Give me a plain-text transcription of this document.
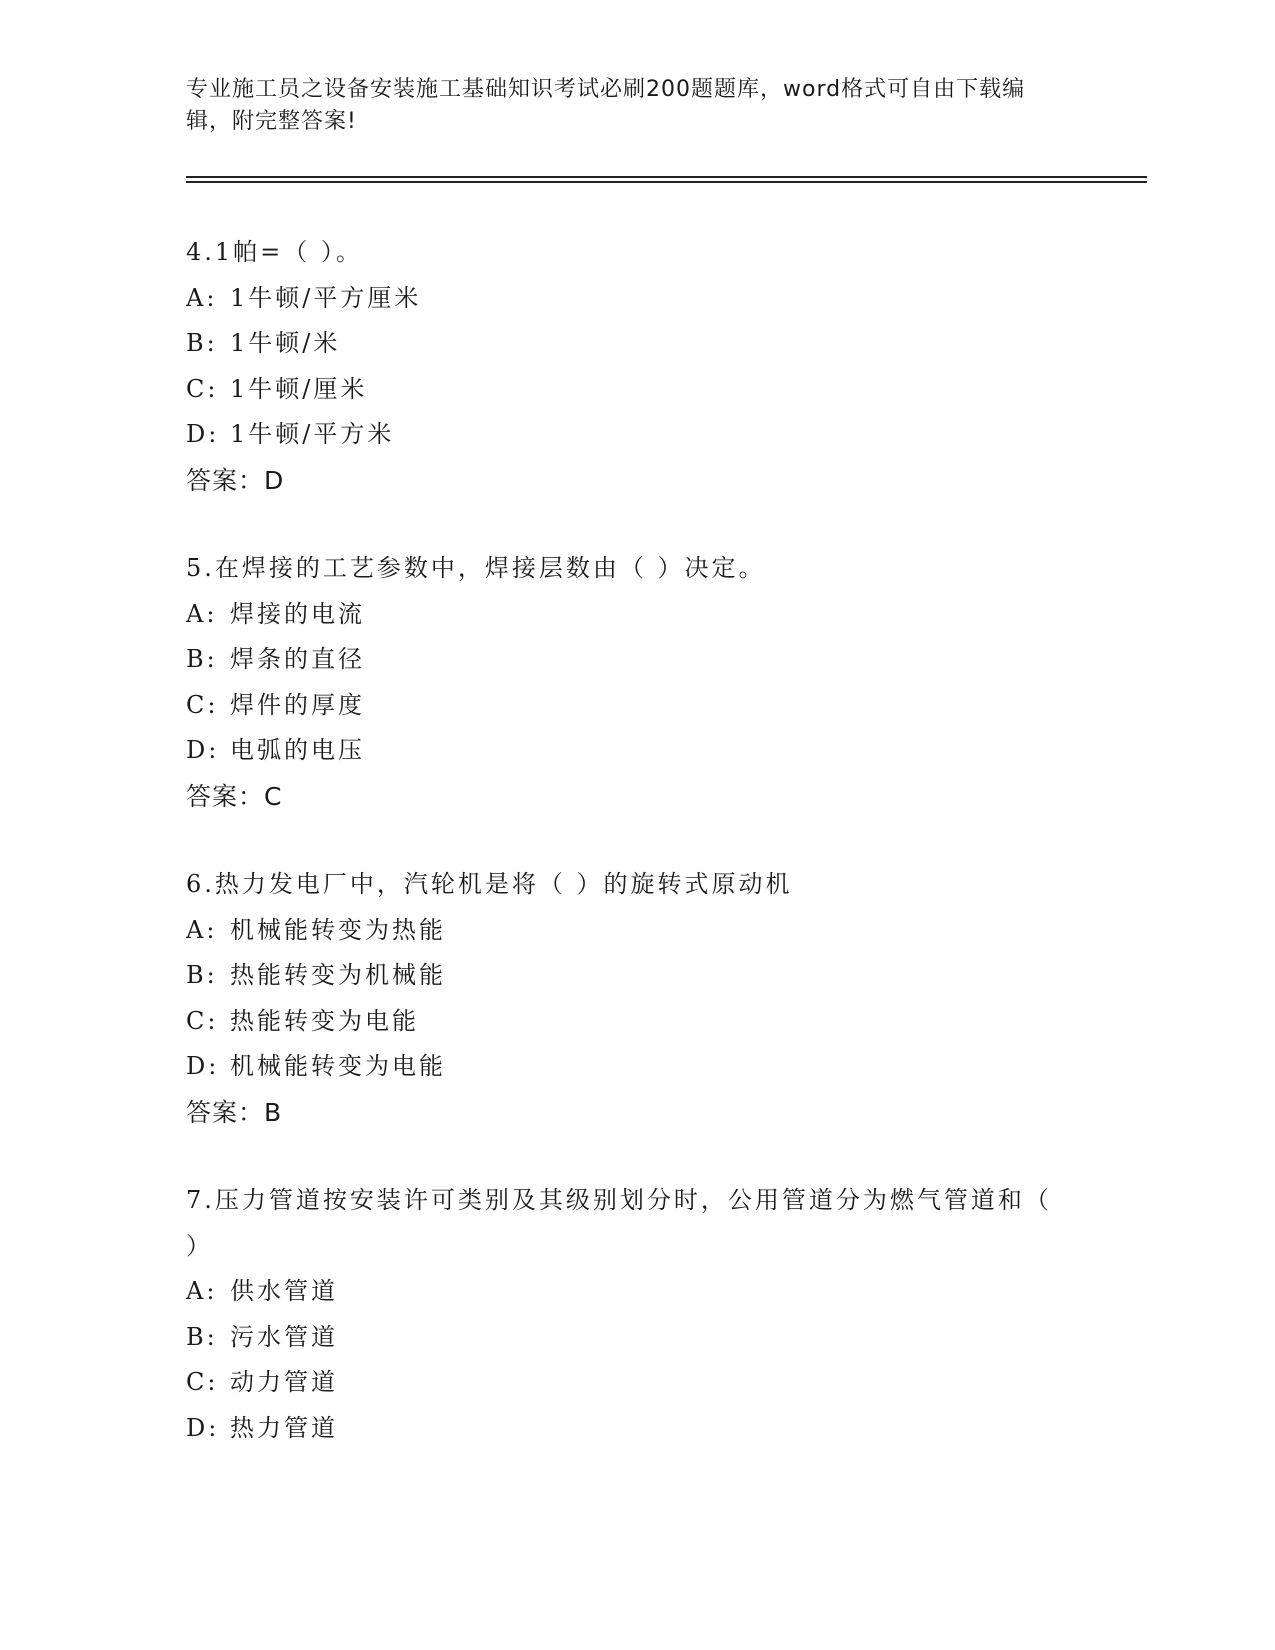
专业施工员之设备安装施工基础知识考试必刷200题题库，word格式可自由下载编辑，附完整答案!
4.1帕=（ ）。
A: 1牛顿/平方厘米
B: 1牛顿/米
C: 1牛顿/厘米
D: 1牛顿/平方米
答案：D
5.在焊接的工艺参数中，焊接层数由（ ）决定。
A: 焊接的电流
B: 焊条的直径
C: 焊件的厚度
D: 电弧的电压
答案：C
6.热力发电厂中，汽轮机是将（ ）的旋转式原动机
A: 机械能转变为热能
B: 热能转变为机械能
C: 热能转变为电能
D: 机械能转变为电能
答案：B
7.压力管道按安装许可类别及其级别划分时，公用管道分为燃气管道和（ ）
A: 供水管道
B: 污水管道
C: 动力管道
D: 热力管道
